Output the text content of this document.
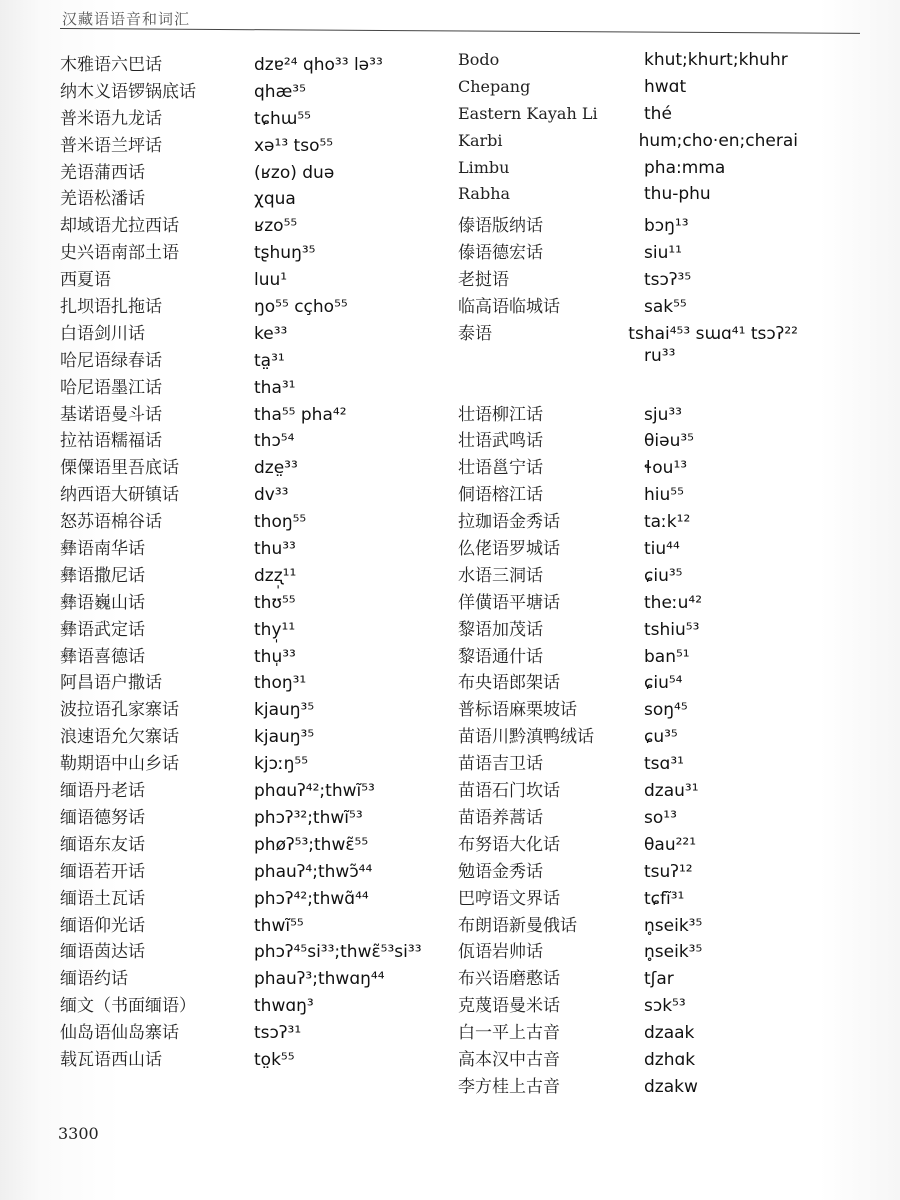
汉藏语语音和词汇
木雅语六巴话	dzɐ²⁴ qho³³ lə³³
纳木义语锣锅底话	qhæ³⁵
普米语九龙话	tɕhɯ⁵⁵
普米语兰坪话	xə¹³ tso⁵⁵
羌语蒲西话	(ʁzo) duə
羌语松潘话	χqua
却域语尤拉西话	ʁzo⁵⁵
史兴语南部土语	tʂhuŋ³⁵
西夏语	luu¹
扎坝语扎拖话	ŋo⁵⁵ cçho⁵⁵
白语剑川话	ke³³
哈尼语绿春话	ta̤³¹
哈尼语墨江话	tha³¹
基诺语曼斗话	tha⁵⁵ pha⁴²
拉祜语糯福话	thɔ⁵⁴
傈僳语里吾底话	dze̤³³
纳西语大研镇话	dv³³
怒苏语棉谷话	thoŋ⁵⁵
彝语南华话	thu³³
彝语撒尼话	dzʐ̩¹¹
彝语巍山话	thʊ⁵⁵
彝语武定话	thy̩¹¹
彝语喜德话	thu̩³³
阿昌语户撒话	thoŋ³¹
波拉语孔家寨话	kjauŋ³⁵
浪速语允欠寨话	kjauŋ³⁵
勒期语中山乡话	kjɔːŋ⁵⁵
缅语丹老话	phɑuʔ⁴²;thwĩ⁵³
缅语德努话	phɔʔ³²;thwĩ⁵³
缅语东友话	phøʔ⁵³;thwɛ̃⁵⁵
缅语若开话	phauʔ⁴;thwɔ̃⁴⁴
缅语土瓦话	phɔʔ⁴²;thwɑ̃⁴⁴
缅语仰光话	thwĩ⁵⁵
缅语茵达话	phɔʔ⁴⁵si³³;thwɛ̃⁵³si³³
缅语约话	phauʔ³;thwɑŋ⁴⁴
缅文（书面缅语）	thwɑŋ³
仙岛语仙岛寨话	tsɔʔ³¹
载瓦语西山话	to̤k⁵⁵
Bodo	khut;khurt;khuhr
Chepang	hwɑt
Eastern Kayah Li	thé
Karbi	hum;cho·en;cherai
Limbu	pha:mma
Rabha	thu-phu
傣语版纳话	bɔŋ¹³
傣语德宏话	siu¹¹
老挝语	tsɔʔ³⁵
临高语临城话	sak⁵⁵
泰语	tshai⁴⁵³ sɯɑ⁴¹ tsɔʔ²²
ru³³
壮语柳江话	sju³³
壮语武鸣话	θiəu³⁵
壮语邕宁话	ɬou¹³
侗语榕江话	hiu⁵⁵
拉珈语金秀话	taːk¹²
仫佬语罗城话	tiu⁴⁴
水语三洞话	ɕiu³⁵
佯僙语平塘话	theːu⁴²
黎语加茂话	tshiu⁵³
黎语通什话	ban⁵¹
布央语郎架话	ɕiu⁵⁴
普标语麻栗坡话	soŋ⁴⁵
苗语川黔滇鸭绒话	ɕu³⁵
苗语吉卫话	tsɑ³¹
苗语石门坎话	dzau³¹
苗语养蒿话	so¹³
布努语大化话	θau²²¹
勉语金秀话	tsuʔ¹²
巴哼语文界话	tɕfĩ³¹
布朗语新曼俄话	n̥seik³⁵
佤语岩帅话	n̥seik³⁵
布兴语磨憨话	tʃar
克蔑语曼米话	sɔk⁵³
白一平上古音	dzaak
高本汉中古音	dzhɑk
李方桂上古音	dzakw
3300
